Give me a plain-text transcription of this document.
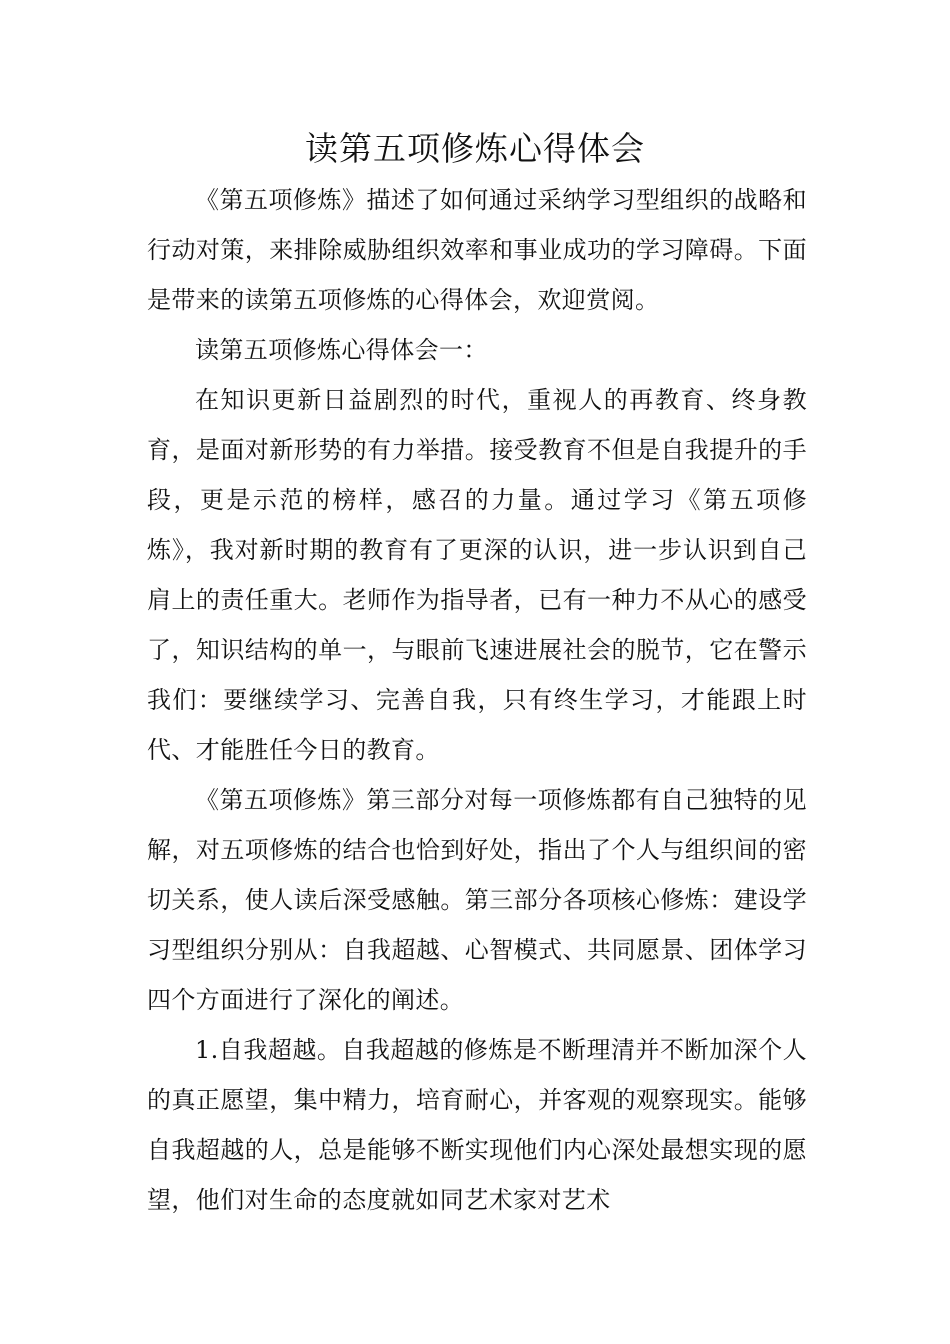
读第五项修炼心得体会

《第五项修炼》描述了如何通过采纳学习型组织的战略和行动对策，来排除威胁组织效率和事业成功的学习障碍。下面是带来的读第五项修炼的心得体会，欢迎赏阅。

读第五项修炼心得体会一：

在知识更新日益剧烈的时代，重视人的再教育、终身教育，是面对新形势的有力举措。接受教育不但是自我提升的手段，更是示范的榜样，感召的力量。通过学习《第五项修炼》，我对新时期的教育有了更深的认识，进一步认识到自己肩上的责任重大。老师作为指导者，已有一种力不从心的感受了，知识结构的单一，与眼前飞速进展社会的脱节，它在警示我们：要继续学习、完善自我，只有终生学习，才能跟上时代、才能胜任今日的教育。

《第五项修炼》第三部分对每一项修炼都有自己独特的见解，对五项修炼的结合也恰到好处，指出了个人与组织间的密切关系，使人读后深受感触。第三部分各项核心修炼：建设学习型组织分别从：自我超越、心智模式、共同愿景、团体学习四个方面进行了深化的阐述。

1.自我超越。自我超越的修炼是不断理清并不断加深个人的真正愿望，集中精力，培育耐心，并客观的观察现实。能够自我超越的人，总是能够不断实现他们内心深处最想实现的愿望，他们对生命的态度就如同艺术家对艺术
